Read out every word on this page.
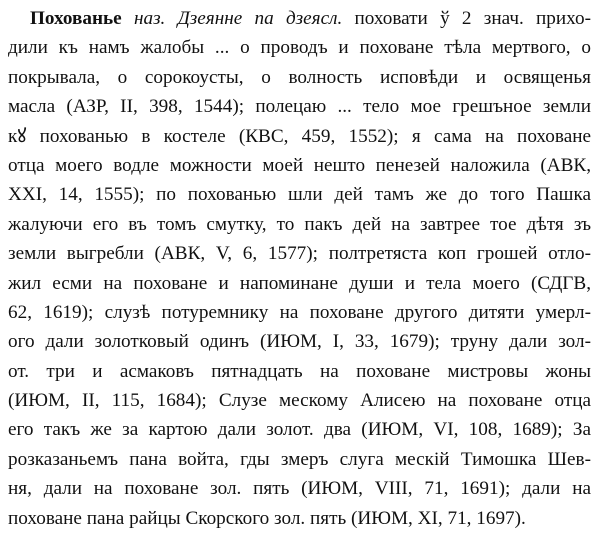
Похованье наз. Дзеянне па дзеясл. поховати ў 2 знач. прихо-
дили къ намъ жалобы ... о проводъ и поховане тѣла мертвого, о
покрывала, о сорокоусты, о волность исповѣди и освященья
масла (АЗР, II, 398, 1544); полецаю ... тело мое грешъное земли
кꙋ похованью в костеле (КВС, 459, 1552); я сама на поховане
отца моего водле можности моей нешто пенезей наложила (АВК,
XXI, 14, 1555); по похованью шли дей тамъ же до того Пашка
жалуючи его въ томъ смутку, то пакъ дей на завтрее тое дѣтя зъ
земли выгребли (АВК, V, 6, 1577); полтретяста коп грошей отло-
жил есми на поховане и напоминане души и тела моего (СДГВ,
62, 1619); слузѣ потуремнику на поховане другого дитяти умерл-
ого дали золотковый одинъ (ИЮМ, I, 33, 1679); труну дали зол-
от. три и асмаковъ пятнадцать на поховане мистровы жоны
(ИЮМ, II, 115, 1684); Слузе мескому Алисею на поховане отца
его такъ же за картою дали золот. два (ИЮМ, VI, 108, 1689); За
розказаньемъ пана войта, гды змеръ слуга мескій Тимошка Шев-
ня, дали на поховане зол. пять (ИЮМ, VIII, 71, 1691); дали на
поховане пана райцы Скорского зол. пять (ИЮМ, XI, 71, 1697).
